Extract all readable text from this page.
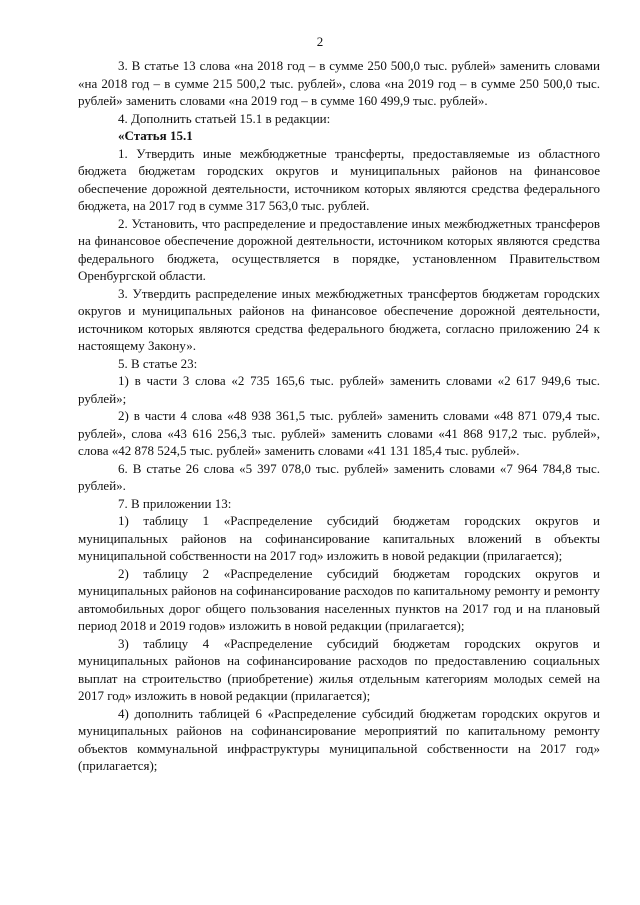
2

3. В статье 13 слова «на 2018 год – в сумме 250 500,0 тыс. рублей» заменить словами «на 2018 год – в сумме 215 500,2 тыс. рублей», слова «на 2019 год – в сумме 250 500,0 тыс. рублей» заменить словами «на 2019 год – в сумме 160 499,9 тыс. рублей».

4. Дополнить статьей 15.1 в редакции:

«Статья 15.1

1. Утвердить иные межбюджетные трансферты, предоставляемые из областного бюджета бюджетам городских округов и муниципальных районов на финансовое обеспечение дорожной деятельности, источником которых являются средства федерального бюджета, на 2017 год в сумме 317 563,0 тыс. рублей.

2. Установить, что распределение и предоставление иных межбюджетных трансферов на финансовое обеспечение дорожной деятельности, источником которых являются средства федерального бюджета, осуществляется в порядке, установленном Правительством Оренбургской области.

3. Утвердить распределение иных межбюджетных трансфертов бюджетам городских округов и муниципальных районов на финансовое обеспечение дорожной деятельности, источником которых являются средства федерального бюджета, согласно приложению 24 к настоящему Закону».

5. В статье 23:

1) в части 3 слова «2 735 165,6 тыс. рублей» заменить словами «2 617 949,6 тыс. рублей»;

2) в части 4 слова «48 938 361,5 тыс. рублей» заменить словами «48 871 079,4 тыс. рублей», слова «43 616 256,3 тыс. рублей» заменить словами «41 868 917,2 тыс. рублей», слова «42 878 524,5 тыс. рублей» заменить словами «41 131 185,4 тыс. рублей».

6. В статье 26 слова «5 397 078,0 тыс. рублей» заменить словами «7 964 784,8 тыс. рублей».

7. В приложении 13:

1) таблицу 1 «Распределение субсидий бюджетам городских округов и муниципальных районов на софинансирование капитальных вложений в объекты муниципальной собственности на 2017 год» изложить в новой редакции (прилагается);

2) таблицу 2 «Распределение субсидий бюджетам городских округов и муниципальных районов на софинансирование расходов по капитальному ремонту и ремонту автомобильных дорог общего пользования населенных пунктов на 2017 год и на плановый период 2018 и 2019 годов» изложить в новой редакции (прилагается);

3) таблицу 4 «Распределение субсидий бюджетам городских округов и муниципальных районов на софинансирование расходов по предоставлению социальных выплат на строительство (приобретение) жилья отдельным категориям молодых семей на 2017 год» изложить в новой редакции (прилагается);

4) дополнить таблицей 6 «Распределение субсидий бюджетам городских округов и муниципальных районов на софинансирование мероприятий по капитальному ремонту объектов коммунальной инфраструктуры муниципальной собственности на 2017 год» (прилагается);
